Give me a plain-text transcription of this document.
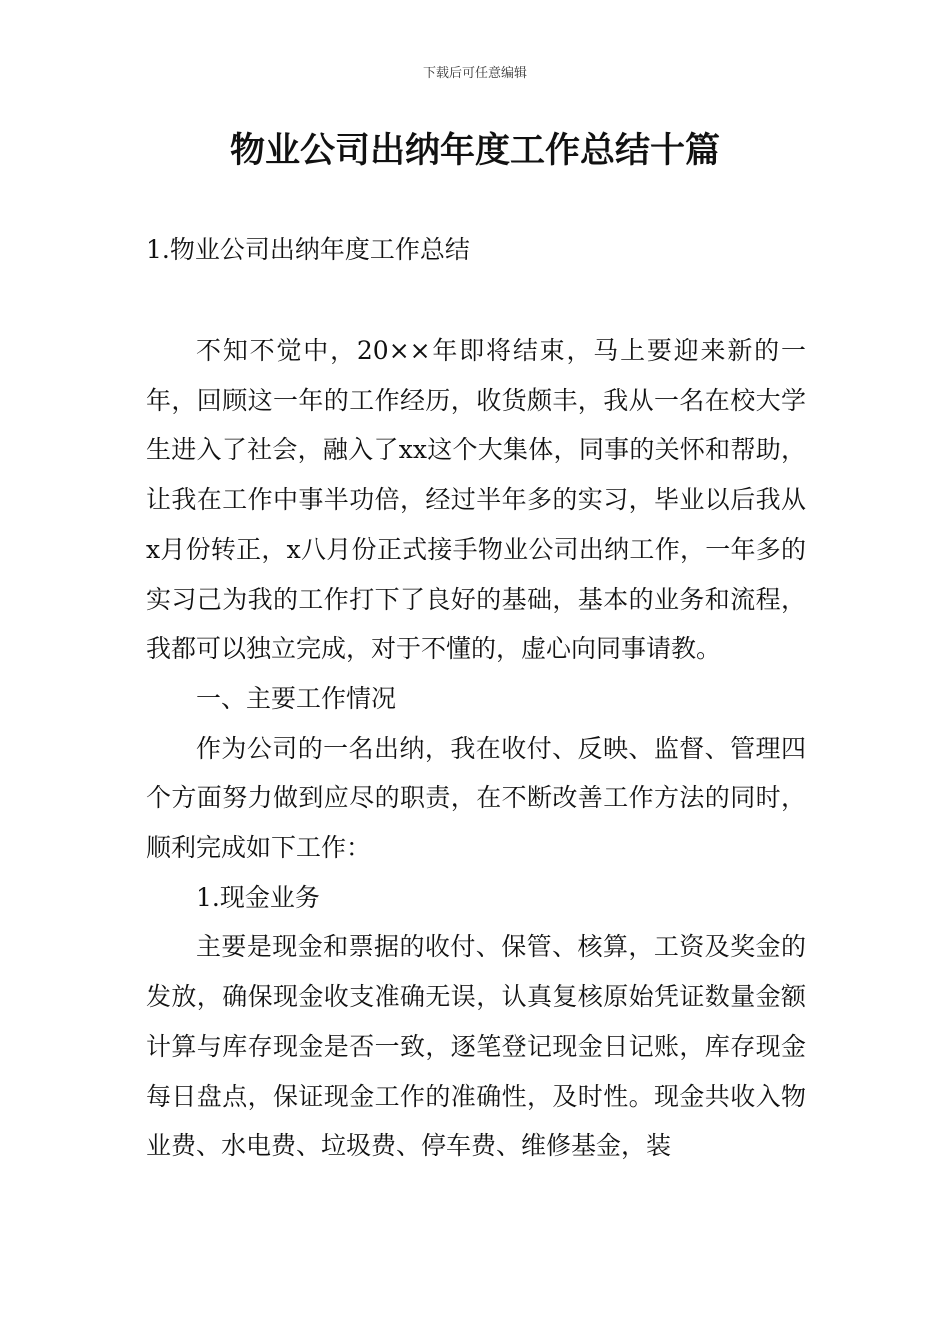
下载后可任意编辑
物业公司出纳年度工作总结十篇
1.物业公司出纳年度工作总结

不知不觉中，20××年即将结束，马上要迎来新的一年，回顾这一年的工作经历，收货颇丰，我从一名在校大学生进入了社会，融入了xx这个大集体，同事的关怀和帮助，让我在工作中事半功倍，经过半年多的实习，毕业以后我从x月份转正，x八月份正式接手物业公司出纳工作，一年多的实习己为我的工作打下了良好的基础，基本的业务和流程，我都可以独立完成，对于不懂的，虚心向同事请教。

一、主要工作情况

作为公司的一名出纳，我在收付、反映、监督、管理四个方面努力做到应尽的职责，在不断改善工作方法的同时，顺利完成如下工作：

1.现金业务

主要是现金和票据的收付、保管、核算，工资及奖金的发放，确保现金收支准确无误，认真复核原始凭证数量金额计算与库存现金是否一致，逐笔登记现金日记账，库存现金每日盘点，保证现金工作的准确性，及时性。现金共收入物业费、水电费、垃圾费、停车费、维修基金，装
